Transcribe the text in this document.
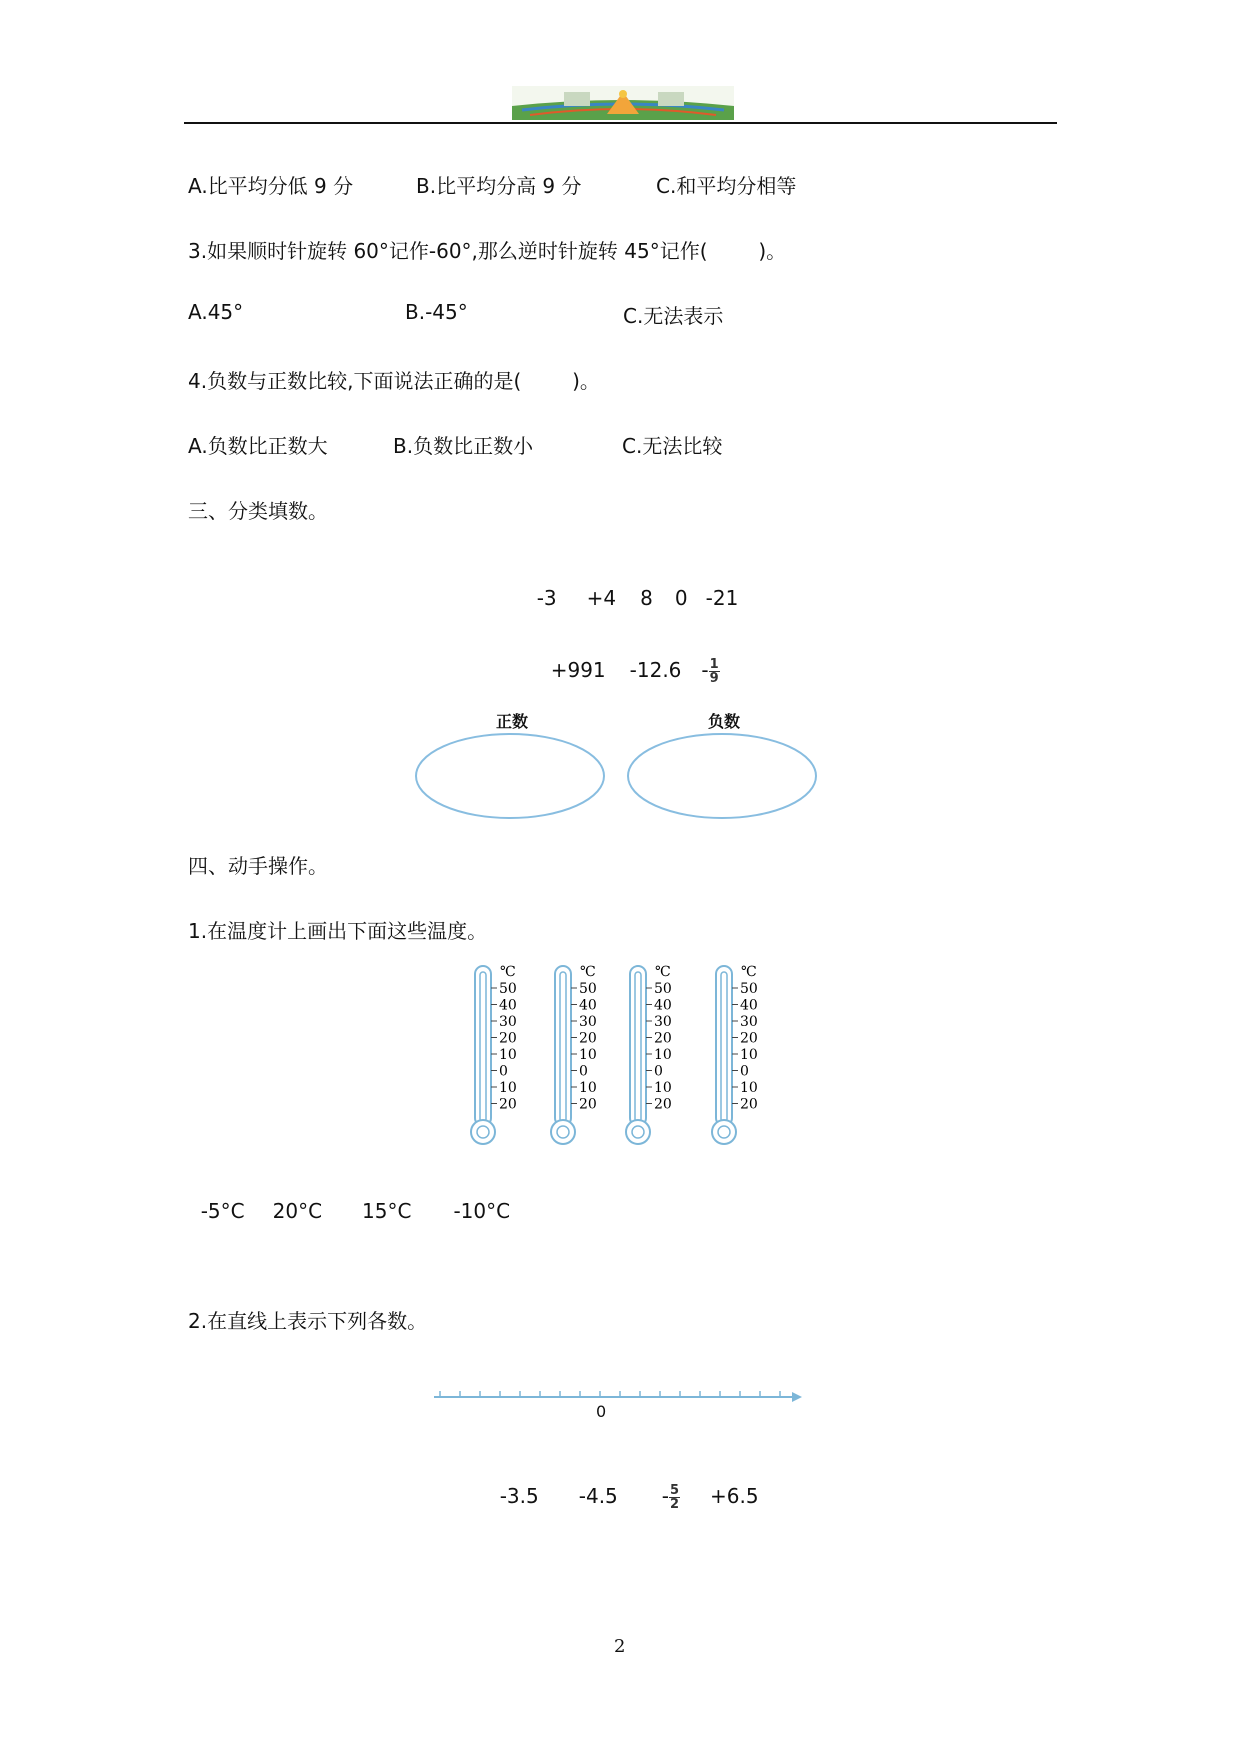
A.比平均分低 9 分	B.比平均分高 9 分	C.和平均分相等
3.如果顺时针旋转 60°记作-60°,那么逆时针旋转 45°记作(        )。
A.45°	B.-45°	C.无法表示
4.负数与正数比较,下面说法正确的是(        )。
A.负数比正数大	B.负数比正数小	C.无法比较
三、分类填数。

-3 +4 8 0 -21

+991 $-12.6 - \frac{1}{9}$

正数	负数
四、动手操作。
1.在温度计上画出下面这些温度。
℃
50
40
30
20
10
0
10
20
℃
50
40
30
20
10
0
10
20
℃
50
40
30
20
10
0
10
20
℃
50
40
30
20
10
0
10
20

-5°C 20°C 15°C -10°C

2.在直线上表示下列各数。
0

-3.5 $-4.5 - \frac{5}{2} +6.5$

2
